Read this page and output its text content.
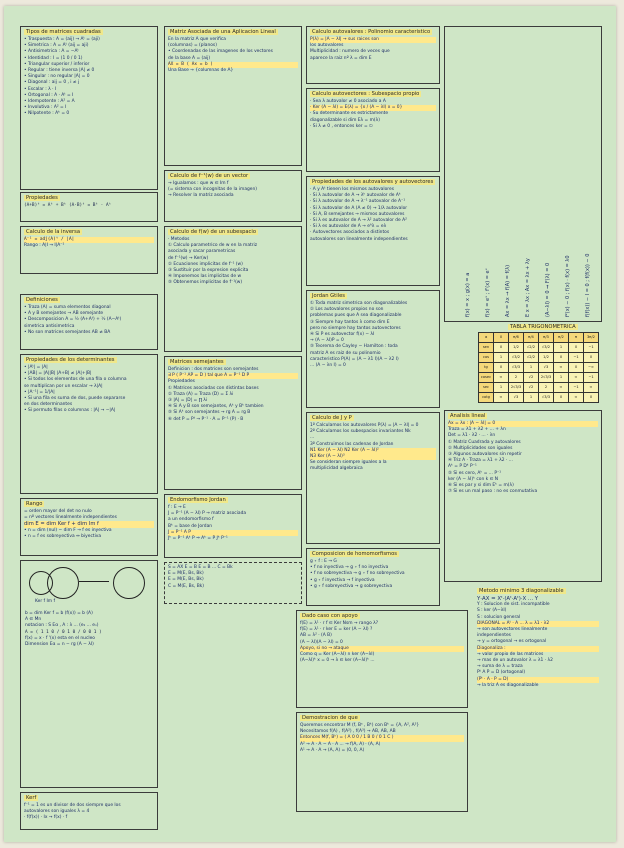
Tipos de matrices cuadradas
• Traspuesta : A = (aij) → Aᵗ = (aji)
• Simetrica : A = Aᵗ (aij = aji)
• Antisimetrica : A = −Aᵗ
• Identidad : I = (1 0 / 0 1)
• Triangular superior / inferior
• Regular : tiene inversa |A| ≠ 0
• Singular : no regular |A| = 0
• Diagonal : aij = 0 , i ≠ j
• Escalar : λ · I
• Ortogonal : A · Aᵗ = I
• Idempotente : A² = A
• Involutiva : A² = I
• Nilpotente : Aᵏ = 0
Propiedades
(A+B)ᵗ = Aᵗ + Bᵗ (A·B)ᵗ = Bᵗ · Aᵗ
Calculo de la inversa
A⁻¹ = adj(A)ᵗ / |A|
Rango : A|I → I|A⁻¹
Definiciones
• Traza (A) = suma elementos diagonal
• A y B semejantes → AB semejante
• Descomposicion A = ½ (A+Aᵗ) + ½ (A−Aᵗ)
simetrica antisimetrica
• No son matrices semejantes AB ≠ BA
Propiedades de los determinantes
• |Aᵗ| = |A|
• |AB| = |A||B| |A+B| ≠ |A|+|B|
• Si todos los elementos de una fila o columna
se multiplican por un escalar → λ|A|
• |A⁻¹| = 1/|A|
• Si una fila es suma de dos, puede separarse
en dos determinantes
• Si permuto filas o columnas : |A| → −|A|
Rango
= orden mayor del det no nulo
= nº vectores linealmente independientes
dim E = dim Ker f + dim Im f
• n = dim (nul) − dim F → f es inyectiva
• n = f es sobreyectiva ↔ biyectiva
Ker f Im f
b = dim Ker f = b (f(x)) = b (A)
A ∈ Mn
notacion : S Eα , A : λ ... (e₁ ... eₙ)
A = ( 1 1 0 / 0 1 0 / 0 0 1 )
f(x) = x · f '(x) esta en el nucleo
Dimension Eα = n − rg (A − λI)
Kerf
f⁻¹ = 1 es un divisor de dos siempre que los
autovalores son iguales λ = 4
· f(f(x)) · Ix → f(x) · f
Matriz Asociada de una Aplicacion Lineal
En la matriz A que verifica
(columnas) = (planos)
• Coordenadas de las imagenes de los vectores
de la base A = (aij)
AX = B ( Ax = b )
Una Base → {columnas de A}
Calculo de f⁻¹(w) de un vector
→ Igualamos : que w ∈ Im f
(= sistema con incognitas de la imagen)
→ Resolver la matriz asociada
Calculo de f(w) de un subespacio
· Metodos
① Calculo parametrico de w en la matriz
asociada y sacar parametricas
de f⁻¹(w) → Ker(w)
② Ecuaciones implicitas de f⁻¹ (w)
③ Sustituir por la expresion explicita
④ Imponemos las implicitas de w
⑤ Obtenemos implicitas de f⁻¹(w)
Matrices semejantes
Definicion : dos matrices son semejantes
∃ P ( P⁻¹ AP = D ) tal que A = P⁻¹ D P
Propiedades
① Matrices asociadas con distintas bases
② Traza (A) = Traza (D) = Σ λi
③ |A| = |D| = ∏ λi
④ Si A y B son semejantes, Aᵏ y Bᵏ tambien
⑤ Si Aᵏ son semejantes → rg A = rg B
⑥ det P = Pᵗ → P⁻¹ · A = P⁻¹ (P) · B
Endomorfismo Jordan
f : E → E
J = P⁻¹ (A − λI) P → matriz asociada
a un endomorfismo f
Bᵏ = base de Jordan
J = P⁻¹ A P
Jᵏ = P⁻¹ Aᵏ P ⇒ Aᵏ = P Jᵏ P⁻¹
S = AX E = B E = B ... C = Bk
E = M(E, Bs, Bk)
E = M(E, Bs, Bk)
C = M(E, Bs, Bk)
Calculo autovalores : Polinomio caracteristico
P(λ) = |A − λI| → sus raices son
los autovalores
Multiplicidad : numero de veces que
aparece la raiz nº λ = dim E
Calculo autovectores : Subespacio propio
· Sea λ autovalor ≠ 0 asociado a A
· Ker (A − λI) = E(λ) = {x / (A − λI) x = 0}
· Su determinante es estrictamente
diagonalizable si dim Eλ = m(λ)
· Si λ ≠ 0 , entonces ker = ∅
Propiedades de los autovalores y autovectores
· A y Aᵗ tienen los mismos autovalores
· Si λ autovalor de A → λᵏ autovalor de Aᵏ
· Si λ autovalor de A → λ⁻¹ autovalor de A⁻¹
· Si λ autovalor de A (A ≠ 0) → 1/λ autovalor
· Si A, B semejantes → mismos autovalores
· Si λ es autovalor de A → λ² autovalor de A²
· Si λ es autovalor de A → eᴬλ = eλ
· Autovectores asociados a distintos
autovalores son linealmente independientes
Jordan Gtiles
① Toda matriz simetrica son diagonalizables
② Los autovalores propios no son
problemas pues que A sea diagonalizable
③ Siempre hay tantos λ como dim E
pero no siempre hay tantos autovectores
④ Si P es autovector f(x) − λI
→ (A − λI)P = 0
⑤ Teorema de Cayley − Hamilton : toda
matriz A es raiz de su polinomio
caracteristico P(A) = (A − λ1 I)(A − λ2 I)
... (A − λn I) = 0
Calculo de J y P
1º Calculamos los autovalores P(λ) = |A − λI| = 0
2º Calculamos los subespacios invariantes Nk
...
3º Construimos las cadenas de Jordan
N1 Ker (A − λI) N2 Ker (A − λI)²
N3 Ker (A − λI)³
Se consideran siempre iguales a la
multiplicidad algebraica
Composicion de homomorfismos
g ∘ f : E → G
• f no inyectiva → g ∘ f no inyectiva
• f no sobreyectiva → g ∘ f no sobreyectiva
• g ∘ f inyectiva → f inyectiva
• g ∘ f sobreyectiva → g sobreyectiva
Dado caso con apoyo
f(E) = λ¹ · r f ∈ Ker Nsm → rango λ?
f(E) = λ¹ · r ker E = ker (A − λI) ?
AB = λ² · (A B)
(A − λI)(A − λI) = 0
Apoyo, si no → ataque
Como q = Ker (A−λI) ∩ ker (A−λI)
(A−λI)ᵏ x = 0 → λ ∈ ker (A−λI)ᵏ ...
Demostracion de que
Queremos encontrar M (f, Bˢ , Bᵏ) con Bᵏ = {A, A², A³}
Necesitamos f(A) , f(A²) , f(A³) → AB, AB, AB
Entonces M(f, Bᵏ) = ( A 0 0 / 1 B 0 / 0 1 C )
A² → A · A − A · A ... → f(A, A) · (A, A)
A¹ → A · A → (A, A) = (0, 0, A)
f(x) = x ; g(x) = a	f(x) = eˣ ; f'(x) = eˣ	Ax = λx → f(A) = f(λ)	E x = λx ; Ax = λx + λy	(A−λI) = 0 ⇒ F(λ) = 0	f²(x) − 0 ; f(x) · f(x) = λ0	f(f(x)) − I = 0 ; f(f(x)) − 0
TABLA TRIGONOMETRICA
α	0	π/6	π/4	π/3	π/2	π	3π/2
sen	0	1/2	√2/2	√3/2	1	0	−1
cos	1	√3/2	√2/2	1/2	0	−1	0
tg	0	√3/3	1	√3	∞	0	−∞
cosec	∞	2	√2	2√3/3	1	∞	−1
sec	1	2√3/3	√2	2	∞	−1	∞
cotg	∞	√3	1	√3/3	0	∞	0
Analisis lineal
Ax = λx : |A − λI| = 0
Traza = λ1 + λ2 + ... + λn
Det = λ1 · λ2 · ... · λn
① Matriz Cuadrada y autovalores
② Multiplicidades son iguales
③ Algunos autovalores sin repetir
④ Triz A · Traza = λ1 + λ2 · ...
Aᵏ = P Dᵏ P⁻¹
⑤ Si es cero, Aᵏ = ... P⁻¹
ker (A − λI)ᵏ con k ∈ N
⑥ Si es par y si dim Eᵏ = m(λ)
⑦ Si es un mal paso : no es conmutativa
Metodo minimo 3 diagonalizable
Y·AX = Xᵗ·(Aᵗ·Aᵗ)·X ... Y
Y : Solucion de sist. incompatible
S : ker (A−λI)
S : solucion general
DIAGONAL = Aᵗ · A ... λ = λ1 · λ2
→ son autovectores linealmente
independientes
→ y = ortogonal → es ortogonal
Diagonaliza :
→ valor propio de las matrices
→ mas de un autovalor λ = λ1 · λ2
→ suma de λ = traza
Pᵗ A P = D (ortogonal)
(Pᵗ · A · P = D)
→ la triz A es diagonalizable
